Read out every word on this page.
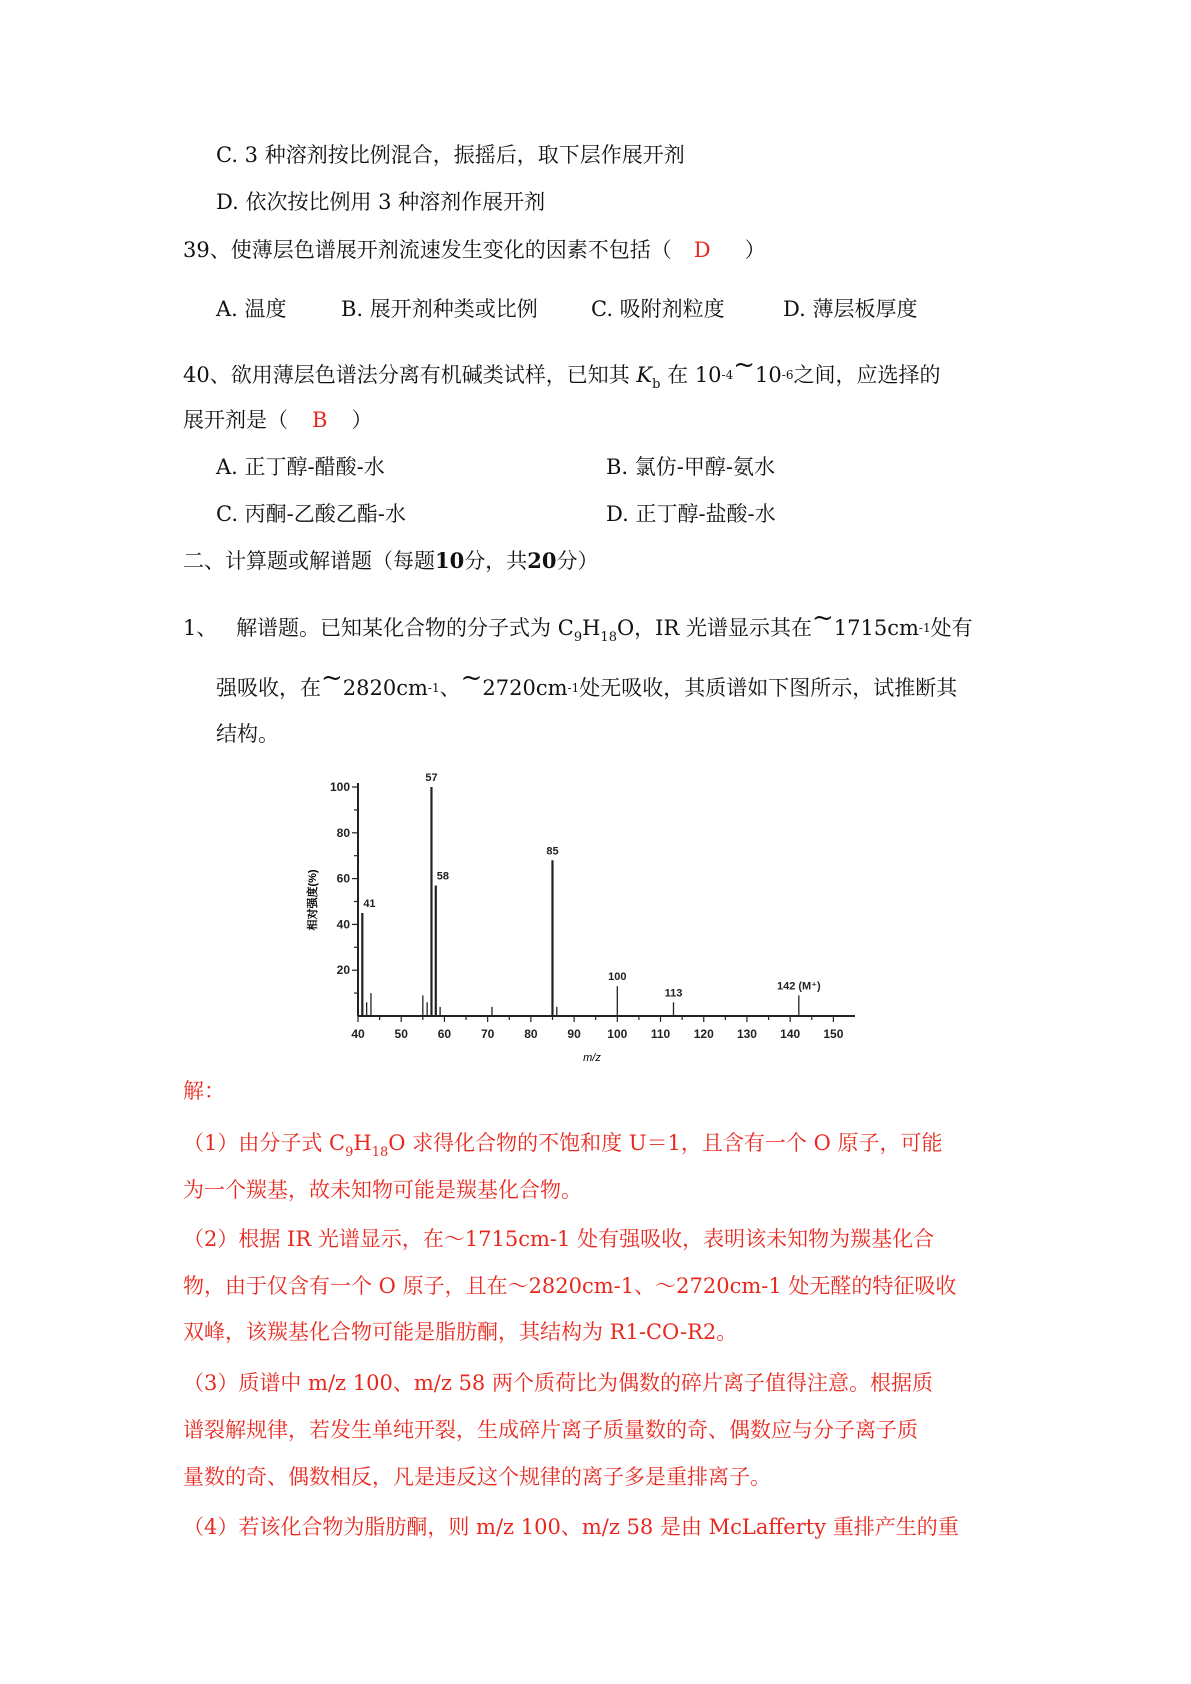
C. 3 种溶剂按比例混合，振摇后，取下层作展开剂
D. 依次按比例用 3 种溶剂作展开剂
39、使薄层色谱展开剂流速发生变化的因素不包括（ D ）
A. 温度	B. 展开剂种类或比例	C. 吸附剂粒度	D. 薄层板厚度
40、欲用薄层色谱法分离有机碱类试样，已知其 $K_b$ 在 10-4~10-6之间，应选择的
展开剂是（ B ）
A. 正丁醇-醋酸-水	B. 氯仿-甲醇-氨水
C. 丙酮-乙酸乙酯-水	D. 正丁醇-盐酸-水
二、计算题或解谱题（每题10分，共20分）
1、 解谱题。已知某化合物的分子式为 $C_9H_{18}O$，IR 光谱显示其在~1715cm-1处有
强吸收，在~2820cm-1、~2720cm-1处无吸收，其质谱如下图所示，试推断其
结构。
40 50 60 70 80 90 100 110 120 130 140 150
20
40
60
80
100
41
57
58
85
100
113
142 (M⁺)
相对强度(%)
m/z
解：
（1）由分子式 $C_9H_{18}O$ 求得化合物的不饱和度 U＝1，且含有一个 O 原子，可能
为一个羰基，故未知物可能是羰基化合物。
（2）根据 IR 光谱显示，在～1715cm-1 处有强吸收，表明该未知物为羰基化合
物，由于仅含有一个 O 原子，且在～2820cm-1、～2720cm-1 处无醛的特征吸收
双峰，该羰基化合物可能是脂肪酮，其结构为 R1-CO-R2。
（3）质谱中 m/z 100、m/z 58 两个质荷比为偶数的碎片离子值得注意。根据质
谱裂解规律，若发生单纯开裂，生成碎片离子质量数的奇、偶数应与分子离子质
量数的奇、偶数相反，凡是违反这个规律的离子多是重排离子。
（4）若该化合物为脂肪酮，则 m/z 100、m/z 58 是由 McLafferty 重排产生的重
